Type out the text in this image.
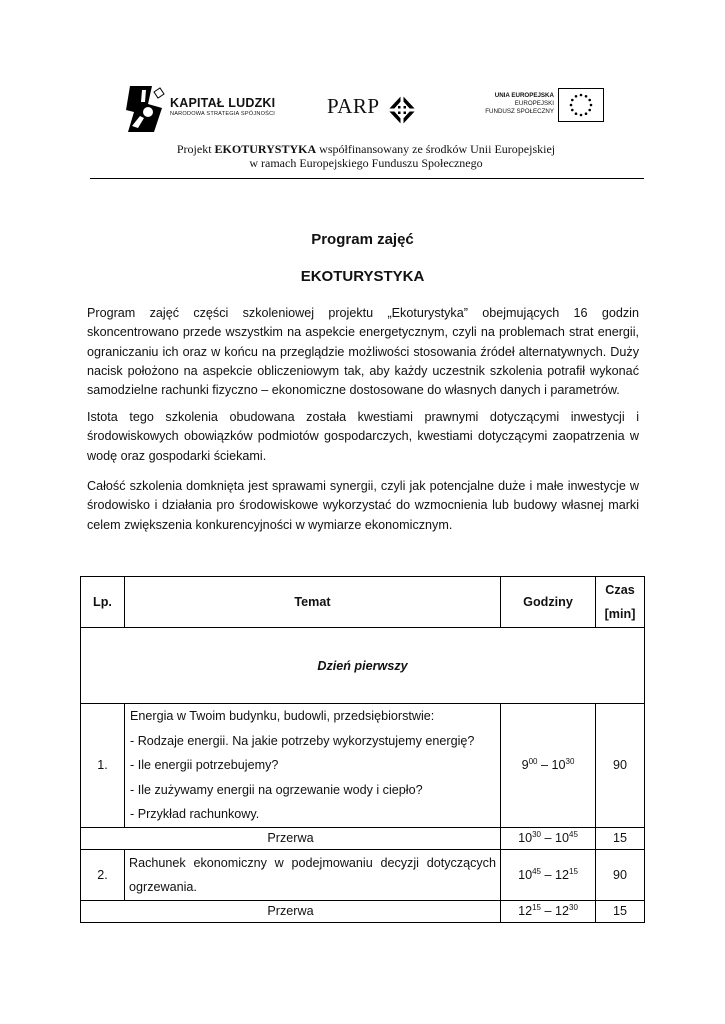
KAPITAŁ LUDZKI
NARODOWA STRATEGIA SPÓJNOŚCI PARP	UNIA EUROPEJSKA
EUROPEJSKI
FUNDUSZ SPOŁECZNY
Projekt EKOTURYSTYKA współfinansowany ze środków Unii Europejskiej
w ramach Europejskiego Funduszu Społecznego
Program zajęć
EKOTURYSTYKA

Program zajęć części szkoleniowej projektu „Ekoturystyka” obejmujących 16 godzin skoncentrowano przede wszystkim na aspekcie energetycznym, czyli na problemach strat energii, ograniczaniu ich oraz w końcu na przeglądzie możliwości stosowania źródeł alternatywnych. Duży nacisk położono na aspekcie obliczeniowym tak, aby każdy uczestnik szkolenia potrafił wykonać samodzielne rachunki fizyczno – ekonomiczne dostosowane do własnych danych i parametrów.

Istota tego szkolenia obudowana została kwestiami prawnymi dotyczącymi inwestycji i środowiskowych obowiązków podmiotów gospodarczych, kwestiami dotyczącymi zaopatrzenia w wodę oraz gospodarki ściekami.

Całość szkolenia domknięta jest sprawami synergii, czyli jak potencjalne duże i małe inwestycje w środowisko i działania pro środowiskowe wykorzystać do wzmocnienia lub budowy własnej marki celem zwiększenia konkurencyjności w wymiarze ekonomicznym.

Lp.	Temat	Godziny	Czas
[min]

Dzień pierwszy			
1.	Energia w Twoim budynku, budowli, przedsiębiorstwie:
- Rodzaje energii. Na jakie potrzeby wykorzystujemy energię?
- Ile energii potrzebujemy?
- Ile zużywamy energii na ogrzewanie wody i ciepło?
- Przykład rachunkowy.	$9^{00} - 10^{30}$	90
Przerwa		$10^{30} - 10^{45}$	15
2.	Rachunek ekonomiczny w podejmowaniu decyzji dotyczących ogrzewania.	$10^{45} - 12^{15}$	90
Przerwa		$12^{15} - 12^{30}$	15
